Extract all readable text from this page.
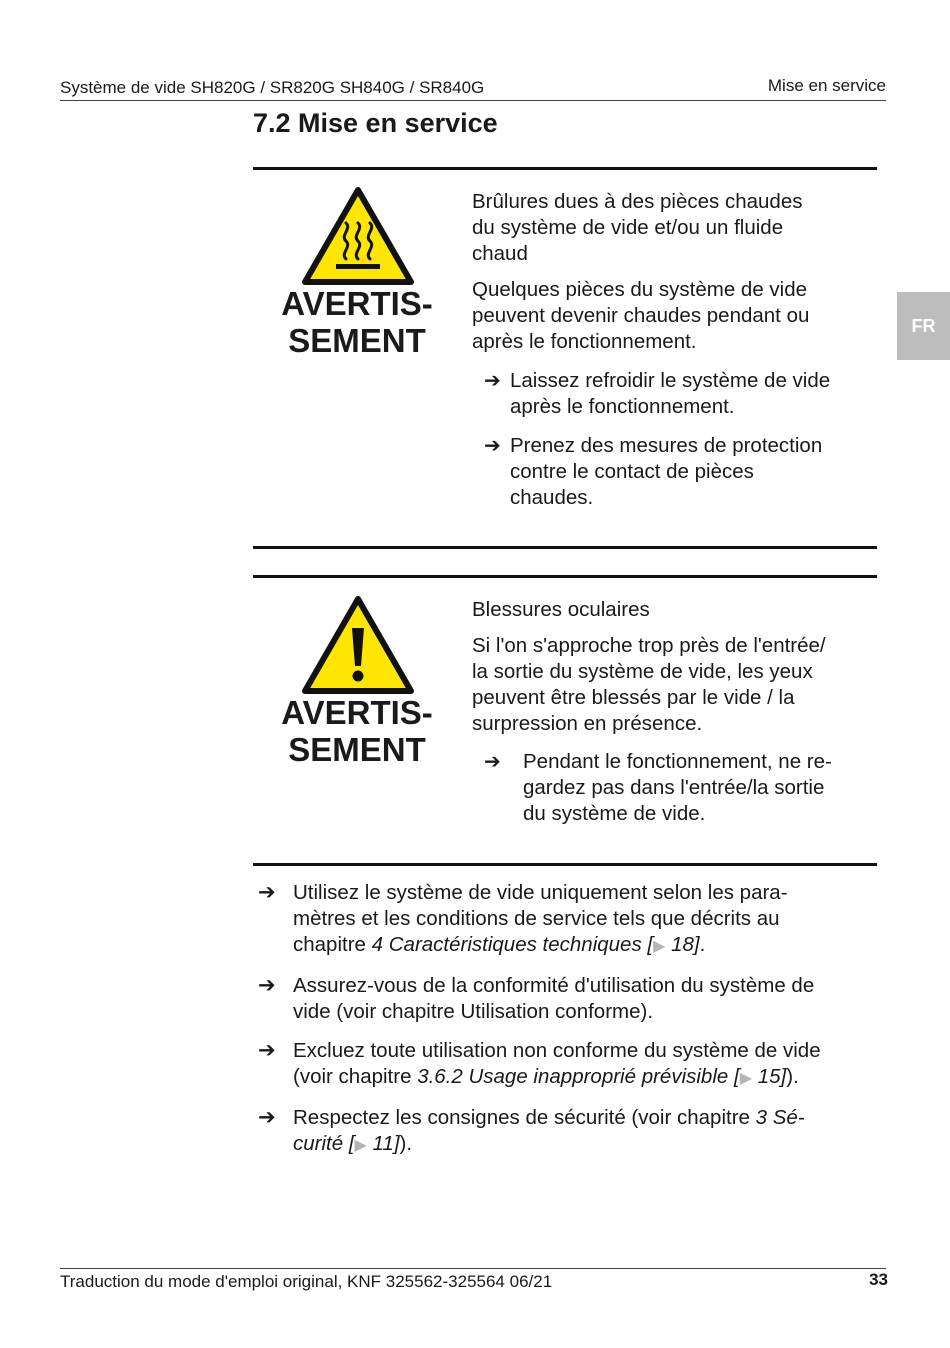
Système de vide SH820G / SR820G SH840G / SR840G	Mise en service
7.2 Mise en service
FR
AVERTIS-
SEMENT

Brûlures dues à des pièces chaudes
du système de vide et/ou un fluide
chaud

Quelques pièces du système de vide
peuvent devenir chaudes pendant ou
après le fonctionnement.

➔ Laissez refroidir le système de vide
après le fonctionnement.
➔ Prenez des mesures de protection
contre le contact de pièces
chaudes.
AVERTIS-
SEMENT

Blessures oculaires

Si l'on s'approche trop près de l'entrée/
la sortie du système de vide, les yeux
peuvent être blessés par le vide / la
surpression en présence.

➔	Pendant le fonctionnement, ne re-
gardez pas dans l'entrée/la sortie
du système de vide.
➔ Utilisez le système de vide uniquement selon les para-
mètres et les conditions de service tels que décrits au
chapitre 4 Caractéristiques techniques [▶ 18].
➔ Assurez-vous de la conformité d'utilisation du système de
vide (voir chapitre Utilisation conforme).
➔ Excluez toute utilisation non conforme du système de vide
(voir chapitre 3.6.2 Usage inapproprié prévisible [▶ 15]).
➔ Respectez les consignes de sécurité (voir chapitre 3 Sé-
curité [▶ 11]).
Traduction du mode d'emploi original, KNF 325562-325564 06/21	33
